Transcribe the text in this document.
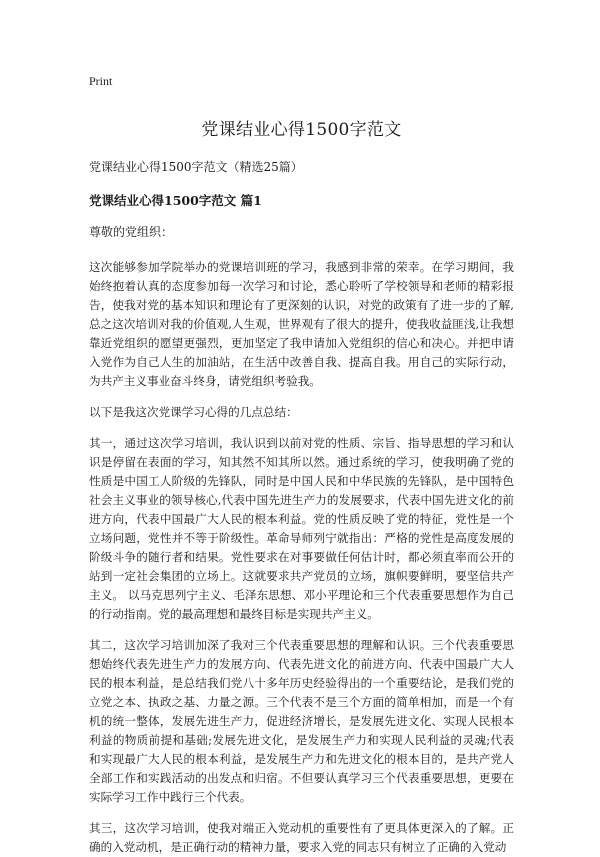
Print
党课结业心得1500字范文

党课结业心得1500字范文（精选25篇）

党课结业心得1500字范文 篇1

尊敬的党组织：

这次能够参加学院举办的党课培训班的学习，我感到非常的荣幸。在学习期间，我始终抱着认真的态度参加每一次学习和讨论，悉心聆听了学校领导和老师的精彩报告，使我对党的基本知识和理论有了更深刻的认识，对党的政策有了进一步的了解,总之这次培训对我的价值观,人生观，世界观有了很大的提升，使我收益匪浅,让我想靠近党组织的愿望更强烈，更加坚定了我申请加入党组织的信心和决心。并把申请入党作为自己人生的加油站，在生活中改善自我、提高自我。用自己的实际行动，为共产主义事业奋斗终身，请党组织考验我。

以下是我这次党课学习心得的几点总结：

其一，通过这次学习培训，我认识到以前对党的性质、宗旨、指导思想的学习和认识是停留在表面的学习，知其然不知其所以然。通过系统的学习，使我明确了党的性质是中国工人阶级的先锋队，同时是中国人民和中华民族的先锋队，是中国特色社会主义事业的领导核心,代表中国先进生产力的发展要求，代表中国先进文化的前进方向，代表中国最广大人民的根本利益。党的性质反映了党的特征，党性是一个立场问题，党性并不等于阶级性。革命导师列宁就指出：严格的党性是高度发展的阶级斗争的随行者和结果。党性要求在对事要做任何估计时，都必须直率而公开的站到一定社会集团的立场上。这就要求共产党员的立场，旗帜要鲜明，要坚信共产主义。 以马克思列宁主义、毛泽东思想、邓小平理论和三个代表重要思想作为自己的行动指南。党的最高理想和最终目标是实现共产主义。

其二，这次学习培训加深了我对三个代表重要思想的理解和认识。三个代表重要思想始终代表先进生产力的发展方向、代表先进文化的前进方向、代表中国最广大人民的根本利益，是总结我们党八十多年历史经验得出的一个重要结论，是我们党的立党之本、执政之基、力量之源。三个代表不是三个方面的简单相加，而是一个有机的统一整体，发展先进生产力，促进经济增长，是发展先进文化、实现人民根本利益的物质前提和基础;发展先进文化，是发展生产力和实现人民利益的灵魂;代表和实现最广大人民的根本利益，是发展生产力和先进文化的根本目的，是共产党人全部工作和实践活动的出发点和归宿。不但要认真学习三个代表重要思想，更要在实际学习工作中践行三个代表。

其三，这次学习培训，使我对端正入党动机的重要性有了更具体更深入的了解。正确的入党动机，是正确行动的精神力量，要求入党的同志只有树立了正确的入党动
